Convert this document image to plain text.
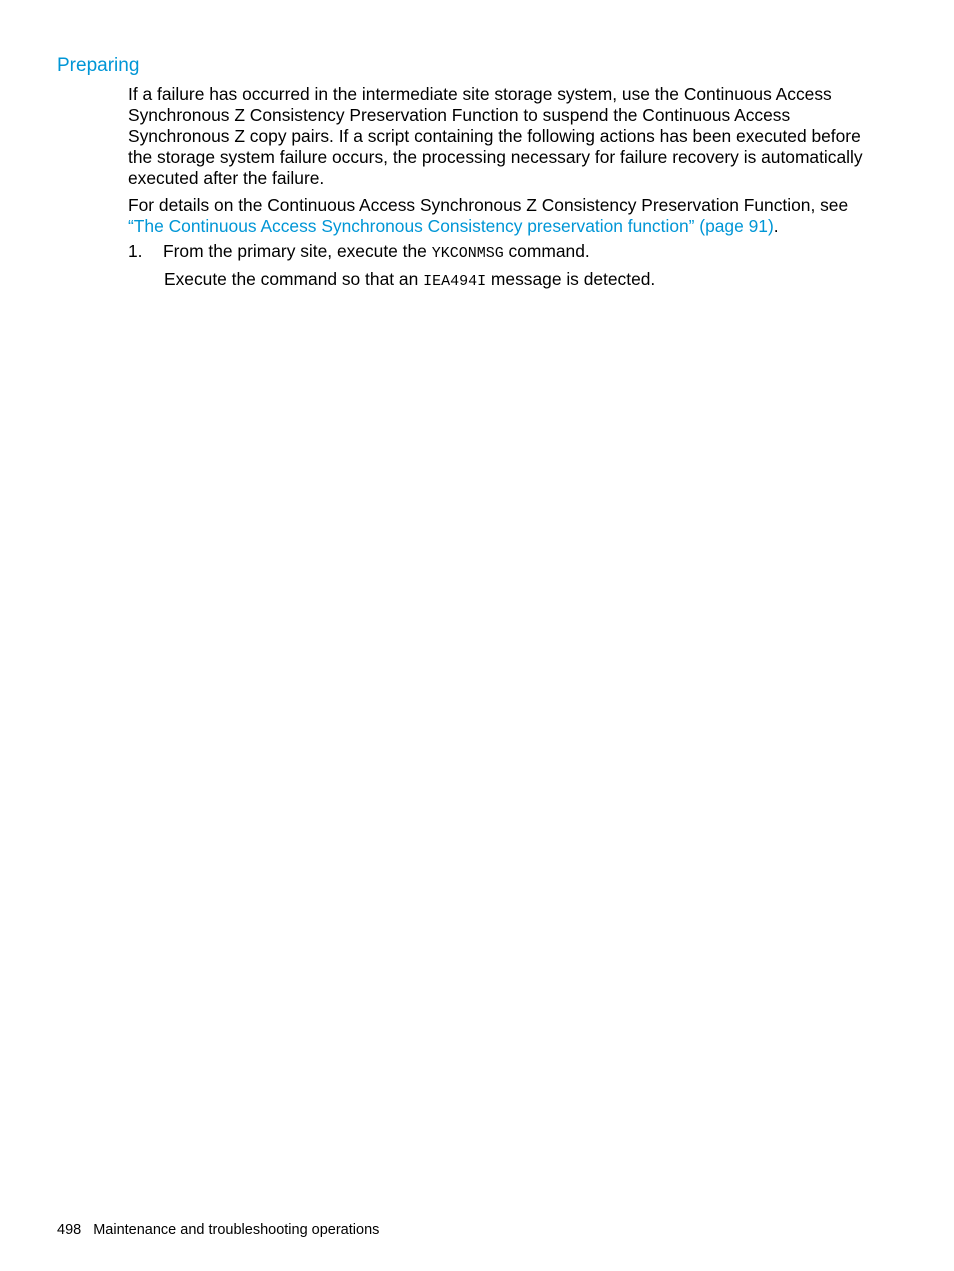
Preparing

If a failure has occurred in the intermediate site storage system, use the Continuous Access Synchronous Z Consistency Preservation Function to suspend the Continuous Access Synchronous Z copy pairs. If a script containing the following actions has been executed before the storage system failure occurs, the processing necessary for failure recovery is automatically executed after the failure.

For details on the Continuous Access Synchronous Z Consistency Preservation Function, see “The Continuous Access Synchronous Consistency preservation function” (page 91).

1. From the primary site, execute the YKCONMSG command.
Execute the command so that an IEA494I message is detected.
498 Maintenance and troubleshooting operations
